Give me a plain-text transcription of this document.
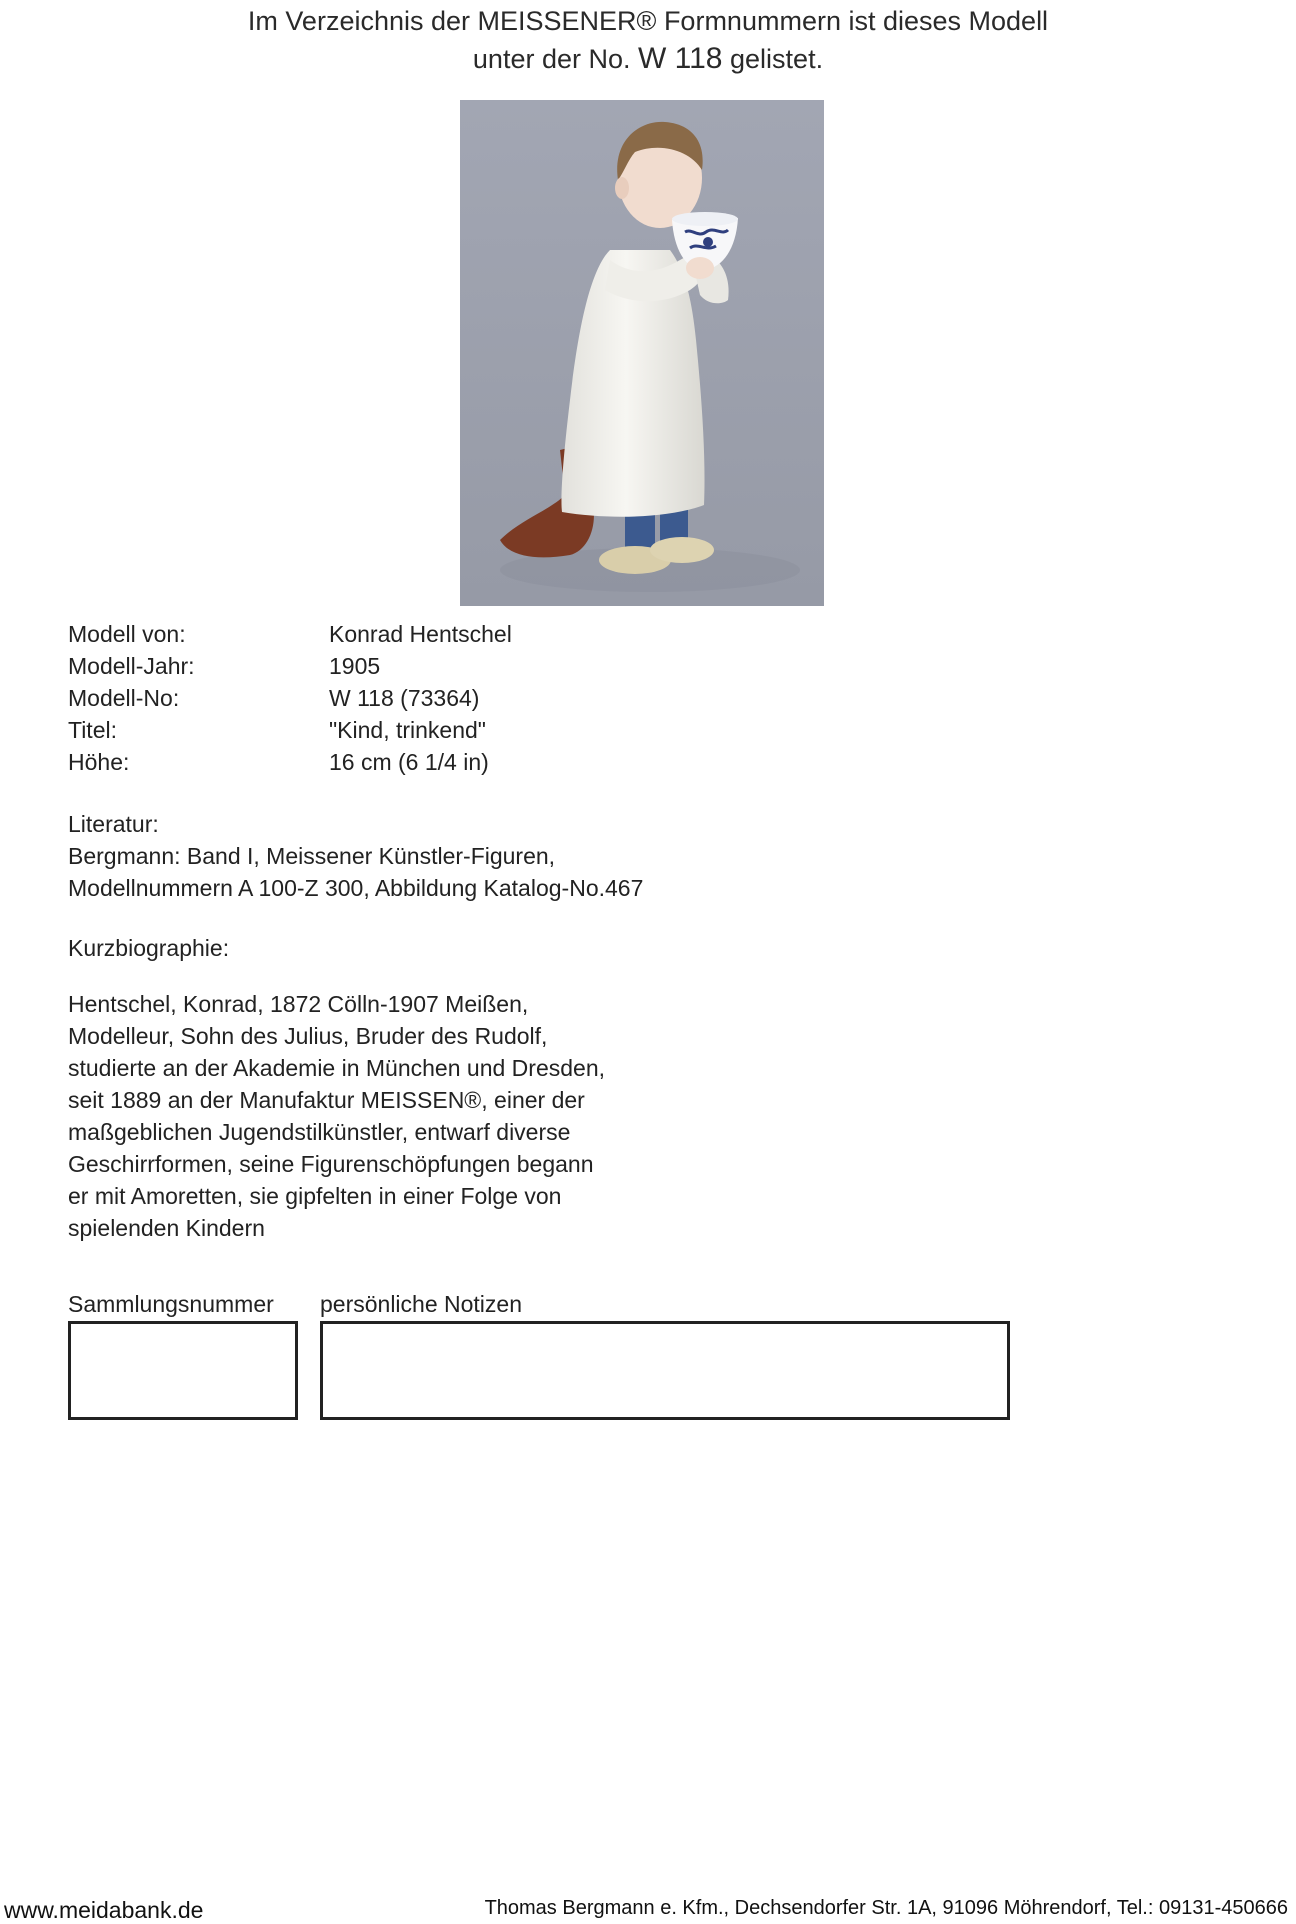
Im Verzeichnis der MEISSENER® Formnummern ist dieses Modell
unter der No. W 118 gelistet.
Modell von:	Konrad Hentschel
Modell-Jahr:	1905
Modell-No:	W 118 (73364)
Titel:	"Kind, trinkend"
Höhe:	16 cm (6 1/4 in)
Literatur:
Bergmann: Band I, Meissener Künstler-Figuren,
Modellnummern A 100-Z 300, Abbildung Katalog-No.467
Kurzbiographie:
Hentschel, Konrad, 1872 Cölln-1907 Meißen,
Modelleur, Sohn des Julius, Bruder des Rudolf,
studierte an der Akademie in München und Dresden,
seit 1889 an der Manufaktur MEISSEN®, einer der
maßgeblichen Jugendstilkünstler, entwarf diverse
Geschirrformen, seine Figurenschöpfungen begann
er mit Amoretten, sie gipfelten in einer Folge von
spielenden Kindern
Sammlungsnummer persönliche Notizen
www.meidabank.de	Thomas Bergmann e. Kfm., Dechsendorfer Str. 1A, 91096 Möhrendorf, Tel.: 09131-450666
